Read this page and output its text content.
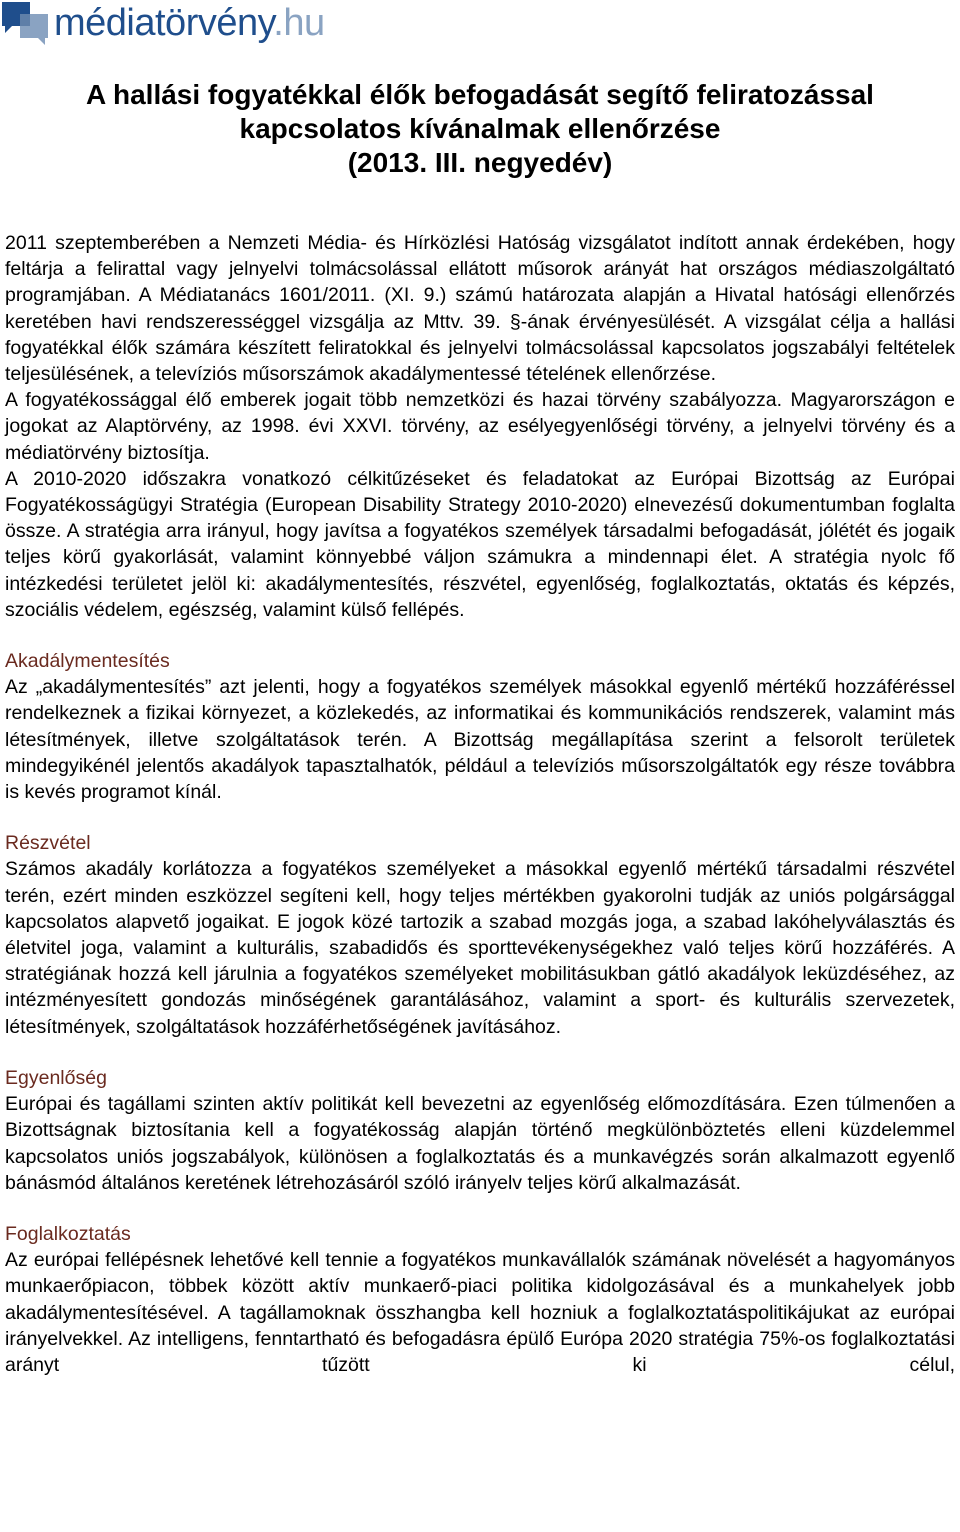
médiatörvény.hu
A hallási fogyatékkal élők befogadását segítő feliratozással
kapcsolatos kívánalmak ellenőrzése
(2013. III. negyedév)

2011 szeptemberében a Nemzeti Média- és Hírközlési Hatóság vizsgálatot indított annak érdekében, hogy feltárja a felirattal vagy jelnyelvi tolmácsolással ellátott műsorok arányát hat országos médiaszolgáltató programjában. A Médiatanács 1601/2011. (XI. 9.) számú határozata alapján a Hivatal hatósági ellenőrzés keretében havi rendszerességgel vizsgálja az Mttv. 39. §-ának érvényesülését. A vizsgálat célja a hallási fogyatékkal élők számára készített feliratokkal és jelnyelvi tolmácsolással kapcsolatos jogszabályi feltételek teljesülésének, a televíziós műsorszámok akadálymentessé tételének ellenőrzése.

A fogyatékossággal élő emberek jogait több nemzetközi és hazai törvény szabályozza. Magyarországon e jogokat az Alaptörvény, az 1998. évi XXVI. törvény, az esélyegyenlőségi törvény, a jelnyelvi törvény és a médiatörvény biztosítja.

A 2010-2020 időszakra vonatkozó célkitűzéseket és feladatokat az Európai Bizottság az Európai Fogyatékosságügyi Stratégia (European Disability Strategy 2010-2020) elnevezésű dokumentumban foglalta össze. A stratégia arra irányul, hogy javítsa a fogyatékos személyek társadalmi befogadását, jólétét és jogaik teljes körű gyakorlását, valamint könnyebbé váljon számukra a mindennapi élet. A stratégia nyolc fő intézkedési területet jelöl ki: akadálymentesítés, részvétel, egyenlőség, foglalkoztatás, oktatás és képzés, szociális védelem, egészség, valamint külső fellépés.

Akadálymentesítés

Az „akadálymentesítés” azt jelenti, hogy a fogyatékos személyek másokkal egyenlő mértékű hozzáféréssel rendelkeznek a fizikai környezet, a közlekedés, az informatikai és kommunikációs rendszerek, valamint más létesítmények, illetve szolgáltatások terén. A Bizottság megállapítása szerint a felsorolt területek mindegyikénél jelentős akadályok tapasztalhatók, például a televíziós műsorszolgáltatók egy része továbbra is kevés programot kínál.

Részvétel

Számos akadály korlátozza a fogyatékos személyeket a másokkal egyenlő mértékű társadalmi részvétel terén, ezért minden eszközzel segíteni kell, hogy teljes mértékben gyakorolni tudják az uniós polgársággal kapcsolatos alapvető jogaikat. E jogok közé tartozik a szabad mozgás joga, a szabad lakóhelyválasztás és életvitel joga, valamint a kulturális, szabadidős és sporttevékenységekhez való teljes körű hozzáférés. A stratégiának hozzá kell járulnia a fogyatékos személyeket mobilitásukban gátló akadályok leküzdéséhez, az intézményesített gondozás minőségének garantálásához, valamint a sport- és kulturális szervezetek, létesítmények, szolgáltatások hozzáférhetőségének javításához.

Egyenlőség

Európai és tagállami szinten aktív politikát kell bevezetni az egyenlőség előmozdítására. Ezen túlmenően a Bizottságnak biztosítania kell a fogyatékosság alapján történő megkülönböztetés elleni küzdelemmel kapcsolatos uniós jogszabályok, különösen a foglalkoztatás és a munkavégzés során alkalmazott egyenlő bánásmód általános keretének létrehozásáról szóló irányelv teljes körű alkalmazását.

Foglalkoztatás

Az európai fellépésnek lehetővé kell tennie a fogyatékos munkavállalók számának növelését a hagyományos munkaerőpiacon, többek között aktív munkaerő-piaci politika kidolgozásával és a munkahelyek jobb akadálymentesítésével. A tagállamoknak összhangba kell hozniuk a foglalkoztatáspolitikájukat az európai irányelvekkel. Az intelligens, fenntartható és befogadásra épülő Európa 2020 stratégia 75%-os foglalkoztatási arányt tűzött ki célul,
